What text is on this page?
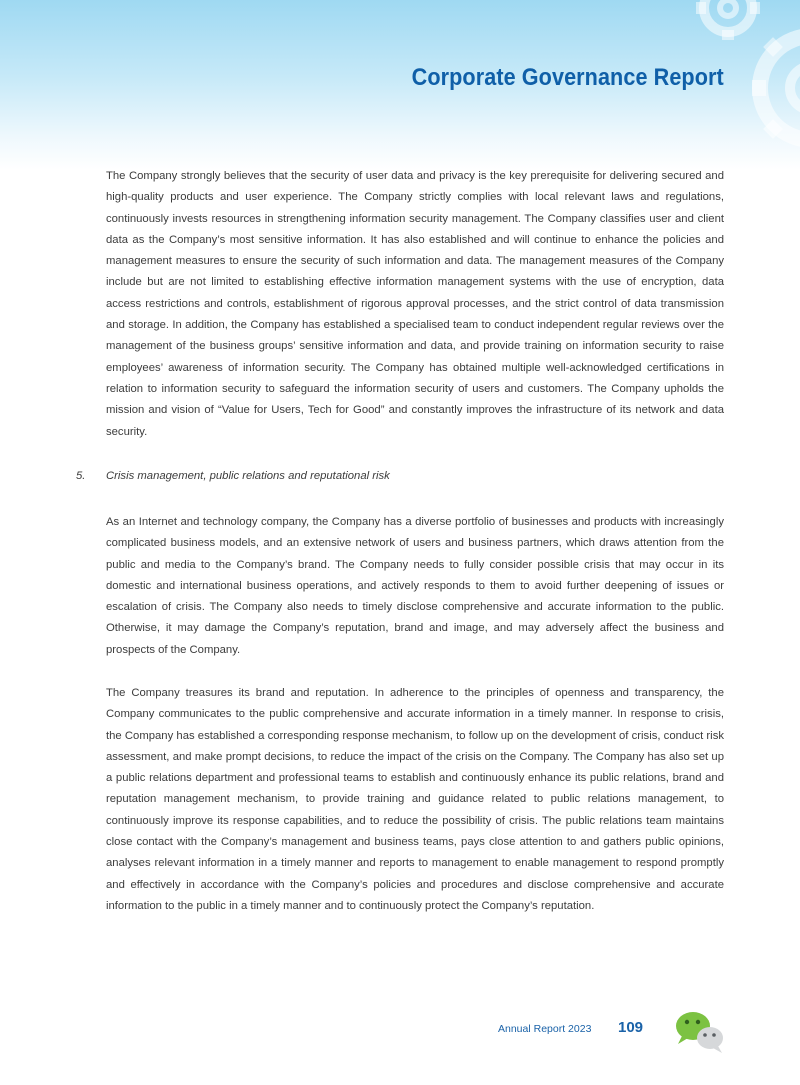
Corporate Governance Report

The Company strongly believes that the security of user data and privacy is the key prerequisite for delivering secured and high-quality products and user experience. The Company strictly complies with local relevant laws and regulations, continuously invests resources in strengthening information security management. The Company classifies user and client data as the Company’s most sensitive information. It has also established and will continue to enhance the policies and management measures to ensure the security of such information and data. The management measures of the Company include but are not limited to establishing effective information management systems with the use of encryption, data access restrictions and controls, establishment of rigorous approval processes, and the strict control of data transmission and storage. In addition, the Company has established a specialised team to conduct independent regular reviews over the management of the business groups’ sensitive information and data, and provide training on information security to raise employees’ awareness of information security. The Company has obtained multiple well-acknowledged certifications in relation to information security to safeguard the information security of users and customers. The Company upholds the mission and vision of “Value for Users, Tech for Good” and constantly improves the infrastructure of its network and data security.

5. Crisis management, public relations and reputational risk

As an Internet and technology company, the Company has a diverse portfolio of businesses and products with increasingly complicated business models, and an extensive network of users and business partners, which draws attention from the public and media to the Company’s brand. The Company needs to fully consider possible crisis that may occur in its domestic and international business operations, and actively responds to them to avoid further deepening of issues or escalation of crisis. The Company also needs to timely disclose comprehensive and accurate information to the public. Otherwise, it may damage the Company’s reputation, brand and image, and may adversely affect the business and prospects of the Company.

The Company treasures its brand and reputation. In adherence to the principles of openness and transparency, the Company communicates to the public comprehensive and accurate information in a timely manner. In response to crisis, the Company has established a corresponding response mechanism, to follow up on the development of crisis, conduct risk assessment, and make prompt decisions, to reduce the impact of the crisis on the Company. The Company has also set up a public relations department and professional teams to establish and continuously enhance its public relations, brand and reputation management mechanism, to provide training and guidance related to public relations management, to continuously improve its response capabilities, and to reduce the possibility of crisis. The public relations team maintains close contact with the Company’s management and business teams, pays close attention to and gathers public opinions, analyses relevant information in a timely manner and reports to management to enable management to respond promptly and effectively in accordance with the Company’s policies and procedures and disclose comprehensive and accurate information to the public in a timely manner and to continuously protect the Company’s reputation.

Annual Report 2023 109
